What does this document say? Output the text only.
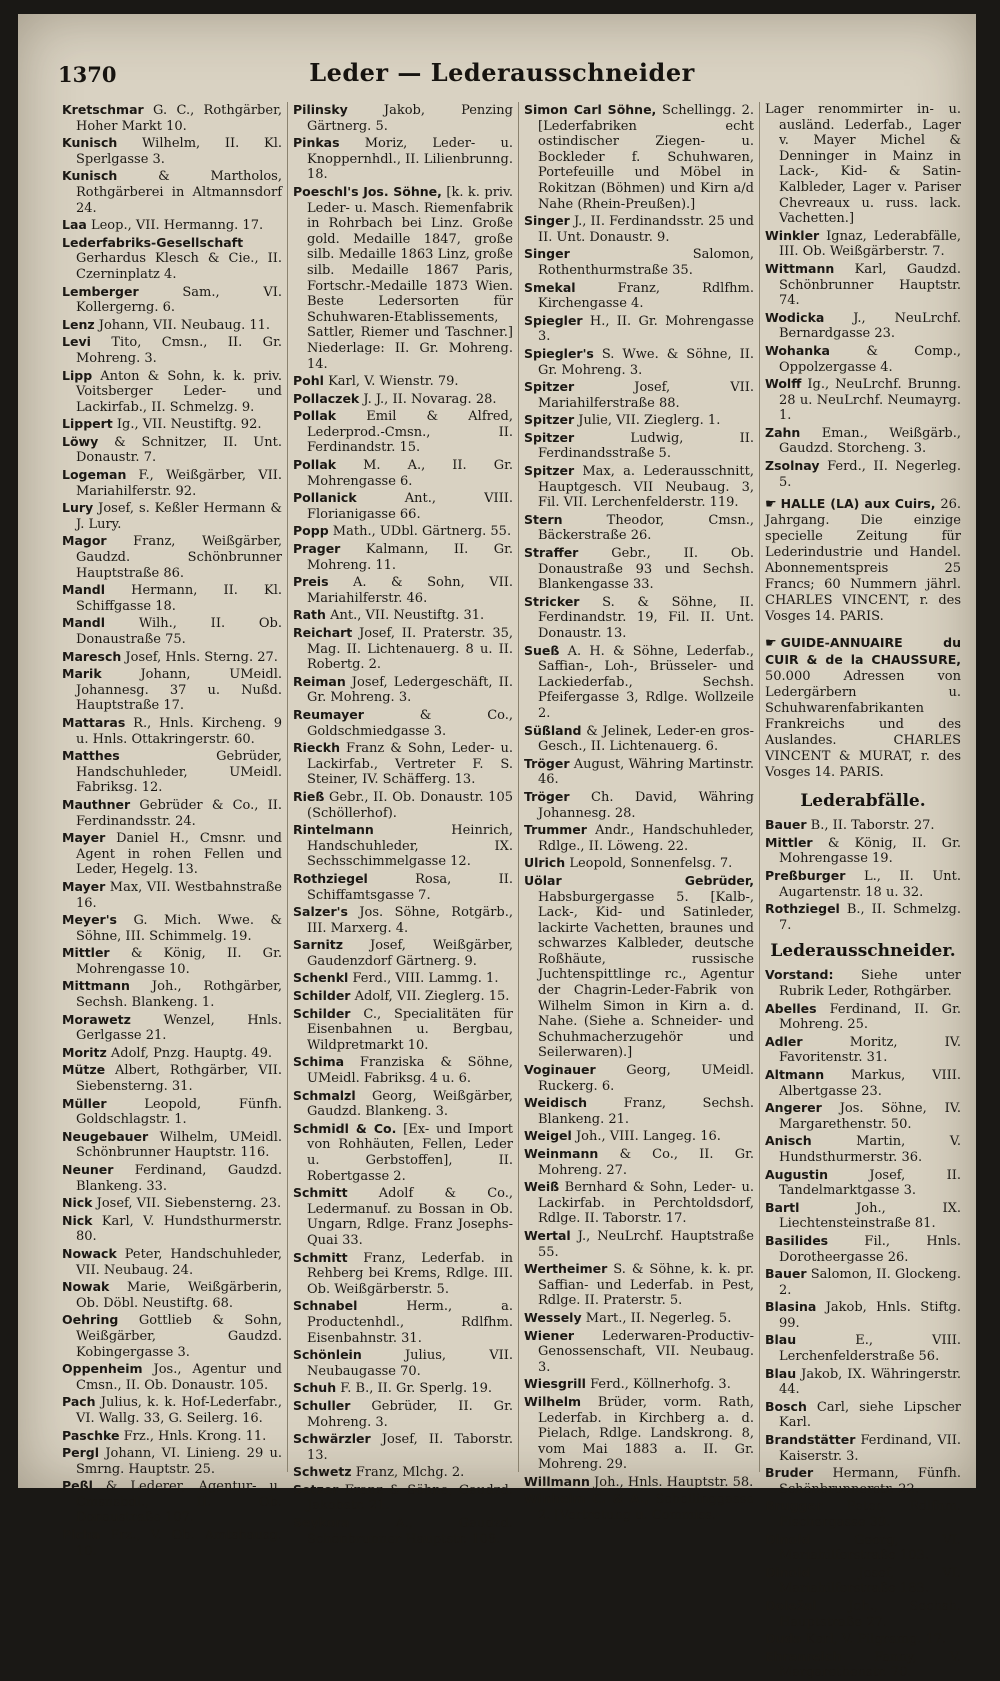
1370	Leder — Lederausschneider
Kretschmar G. C., Rothgärber, Hoher Markt 10.
Kunisch Wilhelm, II. Kl. Sperlgasse 3.
Kunisch	& Martholos, Rothgärberei in Altmannsdorf 24.
Laa Leop., VII. Hermanng. 17.
Lederfabriks-Gesellschaft Gerhardus Klesch & Cie., II. Czerninplatz 4.
Lemberger	Sam., VI. Kollergerng. 6.
Lenz Johann, VII. Neubaug. 11.
Levi Tito, Cmsn., II. Gr. Mohreng. 3.
Lipp Anton & Sohn, k. k. priv. Voitsberger Leder- und Lackirfab., II. Schmelzg. 9.
Lippert Ig., VII. Neustiftg. 92.
Löwy & Schnitzer, II. Unt. Donaustr. 7.
Logeman F., Weißgärber, VII. Mariahilferstr. 92.
Lury Josef, s. Keßler Hermann & J. Lury.
Magor Franz, Weißgärber, Gaudzd. Schönbrunner Hauptstraße 86.
Mandl Hermann, II. Kl. Schiffgasse 18.
Mandl	Wilh., II. Ob. Donaustraße 75.
Maresch Josef, Hnls. Sterng. 27.
Marik	Johann, UMeidl. Johannesg. 37 u. Nußd. Hauptstraße 17.
Mattaras R., Hnls. Kircheng. 9 u. Hnls. Ottakringerstr. 60.
Matthes	Gebrüder, Handschuhleder, UMeidl. Fabriksg. 12.
Mauthner Gebrüder & Co., II. Ferdinandsstr. 24.
Mayer Daniel H., Cmsnr. und Agent in rohen Fellen und Leder, Hegelg. 13.
Mayer Max, VII. Westbahnstraße 16.
Meyer's G. Mich. Wwe. & Söhne, III. Schimmelg. 19.
Mittler & König, II. Gr. Mohrengasse 10.
Mittmann Joh., Rothgärber, Sechsh. Blankeng. 1.
Morawetz	Wenzel, Hnls. Gerlgasse 21.
Moritz Adolf, Pnzg. Hauptg. 49.
Mütze Albert, Rothgärber, VII. Siebensterng. 31.
Müller	Leopold, Fünfh. Goldschlagstr. 1.
Neugebauer Wilhelm, UMeidl. Schönbrunner Hauptstr. 116.
Neuner Ferdinand, Gaudzd. Blankeng. 33.
Nick Josef, VII. Siebensterng. 23.
Nick Karl, V. Hundsthurmerstr. 80.
Nowack Peter, Handschuhleder, VII. Neubaug. 24.
Nowak Marie, Weißgärberin, Ob. Döbl. Neustiftg. 68.
Oehring Gottlieb & Sohn, Weißgärber, Gaudzd. Kobingergasse 3.
Oppenheim Jos., Agentur und Cmsn., II. Ob. Donaustr. 105.
Pach Julius, k. k. Hof-Lederfabr., VI. Wallg. 33, G. Seilerg. 16.
Paschke Frz., Hnls. Krong. 11.
Pergl Johann, VI. Linieng. 29 u. Smrng. Hauptstr. 25.
Peßl & Lederer, Agentur- u. Cmsnsbdl., II. Ob. Donaustraße 107.
Picha Frz., V. Ob. Amtshausg. 10.
Pilinsky	Jakob, Penzing Gärtnerg. 5.
Pinkas Moriz, Leder- u. Knoppernhdl., II. Lilienbrunng. 18.
Poeschl's Jos. Söhne, [k. k. priv. Leder- u. Masch. Riemenfabrik in Rohrbach bei Linz. Große gold. Medaille 1847, große silb. Medaille 1863 Linz, große silb. Medaille 1867 Paris, Fortschr.-Medaille 1873 Wien. Beste Ledersorten für Schuhwaren-Etablissements, Sattler, Riemer und Taschner.] Niederlage: II. Gr. Mohreng. 14.
Pohl Karl, V. Wienstr. 79.
Pollaczek J. J., II. Novarag. 28.
Pollak Emil & Alfred, Lederprod.-Cmsn., II. Ferdinandstr. 15.
Pollak M. A., II. Gr. Mohrengasse 6.
Pollanick	Ant., VIII. Florianigasse 66.
Popp Math., UDbl. Gärtnerg. 55.
Prager Kalmann, II. Gr. Mohreng. 11.
Preis A. & Sohn, VII. Mariahilferstr. 46.
Rath Ant., VII. Neustiftg. 31.
Reichart Josef, II. Praterstr. 35, Mag. II. Lichtenauerg. 8 u. II. Robertg. 2.
Reiman Josef, Ledergeschäft, II. Gr. Mohreng. 3.
Reumayer	& Co., Goldschmiedgasse 3.
Rieckh Franz & Sohn, Leder- u. Lackirfab., Vertreter F. S. Steiner, IV. Schäfferg. 13.
Rieß Gebr., II. Ob. Donaustr. 105 (Schöllerhof).
Rintelmann	Heinrich, Handschuhleder, IX. Sechsschimmelgasse 12.
Rothziegel	Rosa, II. Schiffamtsgasse 7.
Salzer's Jos. Söhne, Rotgärb., III. Marxerg. 4.
Sarnitz Josef, Weißgärber, Gaudenzdorf Gärtnerg. 9.
Schenkl Ferd., VIII. Lammg. 1.
Schilder Adolf, VII. Zieglerg. 15.
Schilder C., Specialitäten für Eisenbahnen u. Bergbau, Wildpretmarkt 10.
Schima Franziska & Söhne, UMeidl. Fabriksg. 4 u. 6.
Schmalzl Georg, Weißgärber, Gaudzd. Blankeng. 3.
Schmidl & Co. [Ex- und Import von Rohhäuten, Fellen, Leder u. Gerbstoffen], II. Robertgasse 2.
Schmitt Adolf & Co., Ledermanuf. zu Bossan in Ob. Ungarn, Rdlge. Franz Josephs-Quai 33.
Schmitt Franz, Lederfab. in Rehberg bei Krems, Rdlge. III. Ob. Weißgärberstr. 5.
Schnabel	Herm., a. Productenhdl., Rdlfhm. Eisenbahnstr. 31.
Schönlein	Julius, VII. Neubaugasse 70.
Schuh F. B., II. Gr. Sperlg. 19.
Schuller Gebrüder, II. Gr. Mohreng. 3.
Schwärzler Josef, II. Taborstr. 13.
Schwetz Franz, Mlchg. 2.
Setzer Franz & Söhne, Gaudzd. Jakobstr. 21.
Seykora	A., Gaudzd. Schönbrunner Hauptstr. 108.
Simon Carl Söhne, Schellingg. 2. [Lederfabriken echt ostindischer Ziegen- u. Bockleder f. Schuhwaren, Portefeuille und Möbel in Rokitzan (Böhmen) und Kirn a/d Nahe (Rhein-Preußen).]
Singer J., II. Ferdinandsstr. 25 und II. Unt. Donaustr. 9.
Singer	Salomon, Rothenthurmstraße 35.
Smekal	Franz, Rdlfhm. Kirchengasse 4.
Spiegler H., II. Gr. Mohrengasse 3.
Spiegler's S. Wwe. & Söhne, II. Gr. Mohreng. 3.
Spitzer	Josef, VII. Mariahilferstraße 88.
Spitzer Julie, VII. Zieglerg. 1.
Spitzer	Ludwig, II. Ferdinandsstraße 5.
Spitzer Max, a. Lederausschnitt, Hauptgesch. VII Neubaug. 3, Fil. VII. Lerchenfelderstr. 119.
Stern	Theodor, Cmsn., Bäckerstraße 26.
Straffer	Gebr., II. Ob. Donaustraße 93 und Sechsh. Blankengasse 33.
Stricker S. & Söhne, II. Ferdinandstr. 19, Fil. II. Unt. Donaustr. 13.
Sueß A. H. & Söhne, Lederfab., Saffian-, Loh-, Brüsseler- und Lackiederfab., Sechsh. Pfeifergasse 3, Rdlge. Wollzeile 2.
Süßland & Jelinek, Leder-en gros-Gesch., II. Lichtenauerg. 6.
Tröger August, Währing Martinstr. 46.
Tröger Ch. David, Währing Johannesg. 28.
Trummer Andr., Handschuhleder, Rdlge., II. Löweng. 22.
Ulrich Leopold, Sonnenfelsg. 7.
Uölar Gebrüder, Habsburgergasse 5. [Kalb-, Lack-, Kid- und Satinleder, lackirte Vachetten, braunes und schwarzes Kalbleder, deutsche Roßhäute, russische Juchtenspittlinge rc., Agentur der Chagrin-Leder-Fabrik von Wilhelm Simon in Kirn a. d. Nahe. (Siehe a. Schneider- und Schuhmacherzugehör und Seilerwaren).]
Voginauer Georg, UMeidl. Ruckerg. 6.
Weidisch	Franz, Sechsh. Blankeng. 21.
Weigel Joh., VIII. Langeg. 16.
Weinmann & Co., II. Gr. Mohreng. 27.
Weiß Bernhard & Sohn, Leder- u. Lackirfab. in Perchtoldsdorf, Rdlge. II. Taborstr. 17.
Wertal J., NeuLrchf. Hauptstraße 55.
Wertheimer S. & Söhne, k. k. pr. Saffian- und Lederfab. in Pest, Rdlge. II. Praterstr. 5.
Wessely Mart., II. Negerleg. 5.
Wiener Lederwaren-Productiv-Genossenschaft, VII. Neubaug. 3.
Wiesgrill Ferd., Köllnerhofg. 3.
Wilhelm Brüder, vorm. Rath, Lederfab. in Kirchberg a. d. Pielach, Rdlge. Landskrong. 8, vom Mai 1883 a. II. Gr. Mohreng. 29.
Willmann Joh., Hnls. Hauptstr. 58.
Winheim C. & A., Schellinggasse 2. [Vertretung u. Commiss.-
Lager renommirter in- u. ausländ. Lederfab., Lager v. Mayer Michel & Denninger in Mainz in Lack-, Kid- & Satin-Kalbleder, Lager v. Pariser Chevreaux u. russ. lack. Vachetten.]
Winkler Ignaz, Lederabfälle, III. Ob. Weißgärberstr. 7.
Wittmann Karl, Gaudzd. Schönbrunner Hauptstr. 74.
Wodicka J., NeuLrchf. Bernardgasse 23.
Wohanka	& Comp., Oppolzergasse 4.
Wolff Ig., NeuLrchf. Brunng. 28 u. NeuLrchf. Neumayrg. 1.
Zahn Eman., Weißgärb., Gaudzd. Storcheng. 3.
Zsolnay Ferd., II. Negerleg. 5.
☛ HALLE (LA) aux Cuirs, 26. Jahrgang. Die einzige specielle Zeitung für Lederindustrie und Handel. Abonnementspreis 25 Francs; 60 Nummern jährl. CHARLES VINCENT, r. des Vosges 14. PARIS.
☛ GUIDE-ANNUAIRE du CUIR & de la CHAUSSURE, 50.000 Adressen von Ledergärbern u. Schuhwarenfabrikanten Frankreichs und des Auslandes. CHARLES VINCENT & MURAT, r. des Vosges 14. PARIS.
Lederabfälle.
Bauer B., II. Taborstr. 27.
Mittler & König, II. Gr. Mohrengasse 19.
Preßburger L., II. Unt. Augartenstr. 18 u. 32.
Rothziegel B., II. Schmelzg. 7.
Lederausschneider.
Vorstand: Siehe unter Rubrik Leder, Rothgärber.
Abelles Ferdinand, II. Gr. Mohreng. 25.
Adler	Moritz, IV. Favoritenstr. 31.
Altmann Markus, VIII. Albertgasse 23.
Angerer Jos. Söhne, IV. Margarethenstr. 50.
Anisch	Martin, V. Hundsthurmerstr. 36.
Augustin	Josef, II. Tandelmarktgasse 3.
Bartl	Joh., IX. Liechtensteinstraße 81.
Basilides	Fil., Hnls. Dorotheergasse 26.
Bauer Salomon, II. Glockeng. 2.
Blasina Jakob, Hnls. Stiftg. 99.
Blau	E., VIII. Lerchenfelderstraße 56.
Blau Jakob, IX. Währingerstr. 44.
Bosch Carl, siehe Lipscher Karl.
Brandstätter Ferdinand, VII. Kaiserstr. 3.
Bruder Hermann, Fünfh. Schönbrunnerstr. 22.
Brugger Peter, Rdlfhm. Fischergasse 39.
Dinold	Georg, VI. Mariahilferstraße 103.
Dinold	Josef, VI. Mariahilferstraße 183.
Doležal Joh., Sechsh. Hauptstraße 27.
Duda Karl, V. Pilgramg. 17.
Ehrenreich	Fanny, V. Margarethenstr. 70.
